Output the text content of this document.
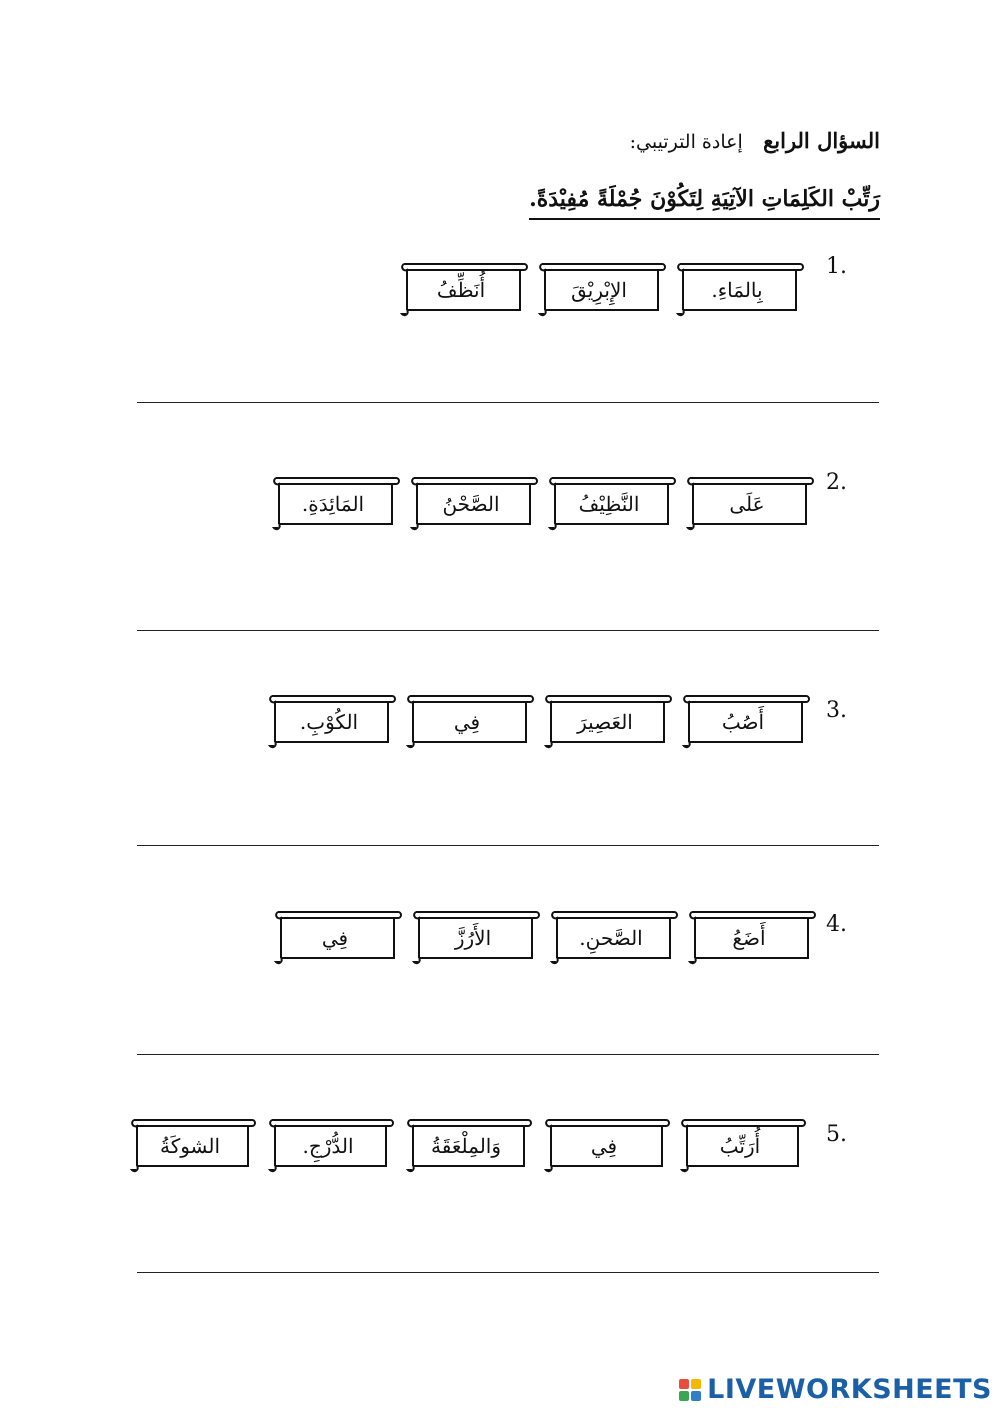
السؤال الرابع إعادة الترتيبي:
رَتِّبْ الكَلِمَاتِ الآتِيَةِ لِتَكُوْنَ جُمْلَةً مُفِيْدَةً.
1.
بِالمَاءِ.
الإِبْرِيْقَ
أُنَظِّفُ
2.
عَلَى
النَّظِيْفُ
الصَّحْنُ
المَائِدَةِ.
3.
أَصُبُ
العَصِيرَ
فِي
الكُوْبِ.
4.
أَضَعُ
الصَّحنِ.
الأَرُزَّ
فِي
5.
أُرَتِّبُ
فِي
وَالمِلْعَقَةُ
الدُّرْجِ.
الشوكَةُ
LIVEWORKSHEETS
